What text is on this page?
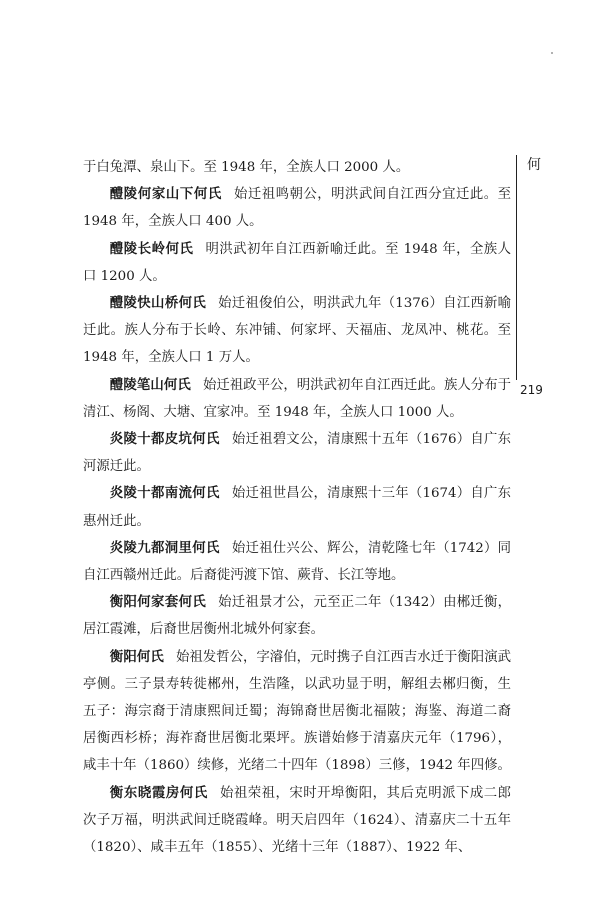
于白兔潭、泉山下。至 1948 年，全族人口 2000 人。

醴陵何家山下何氏 始迁祖鸣朝公，明洪武间自江西分宜迁此。至 1948 年，全族人口 400 人。

醴陵长岭何氏 明洪武初年自江西新喻迁此。至 1948 年，全族人口 1200 人。

醴陵快山桥何氏 始迁祖俊伯公，明洪武九年（1376）自江西新喻迁此。族人分布于长岭、东冲铺、何家坪、天福庙、龙凤冲、桃花。至 1948 年，全族人口 1 万人。

醴陵笔山何氏 始迁祖政平公，明洪武初年自江西迁此。族人分布于清江、杨阁、大塘、宜家冲。至 1948 年，全族人口 1000 人。

炎陵十都皮坑何氏 始迁祖碧文公，清康熙十五年（1676）自广东河源迁此。

炎陵十都南流何氏 始迁祖世昌公，清康熙十三年（1674）自广东惠州迁此。

炎陵九都洞里何氏 始迁祖仕兴公、辉公，清乾隆七年（1742）同自江西赣州迁此。后裔徙沔渡下馆、蕨背、长江等地。

衡阳何家套何氏 始迁祖景才公，元至正二年（1342）由郴迁衡，居江霞滩，后裔世居衡州北城外何家套。

衡阳何氏 始祖发哲公，字濬伯，元时携子自江西吉水迁于衡阳演武亭侧。三子景寿转徙郴州，生浩隆，以武功显于明，解组去郴归衡，生五子：海宗裔于清康熙间迁蜀；海锦裔世居衡北福陂；海鉴、海道二裔居衡西杉桥；海祚裔世居衡北栗坪。族谱始修于清嘉庆元年（1796），咸丰十年（1860）续修，光绪二十四年（1898）三修，1942 年四修。

衡东晓霞房何氏 始祖荣祖，宋时开埠衡阳，其后克明派下成二郎次子万福，明洪武间迁晓霞峰。明天启四年（1624）、清嘉庆二十五年（1820）、咸丰五年（1855）、光绪十三年（1887）、1922 年、

何
219
